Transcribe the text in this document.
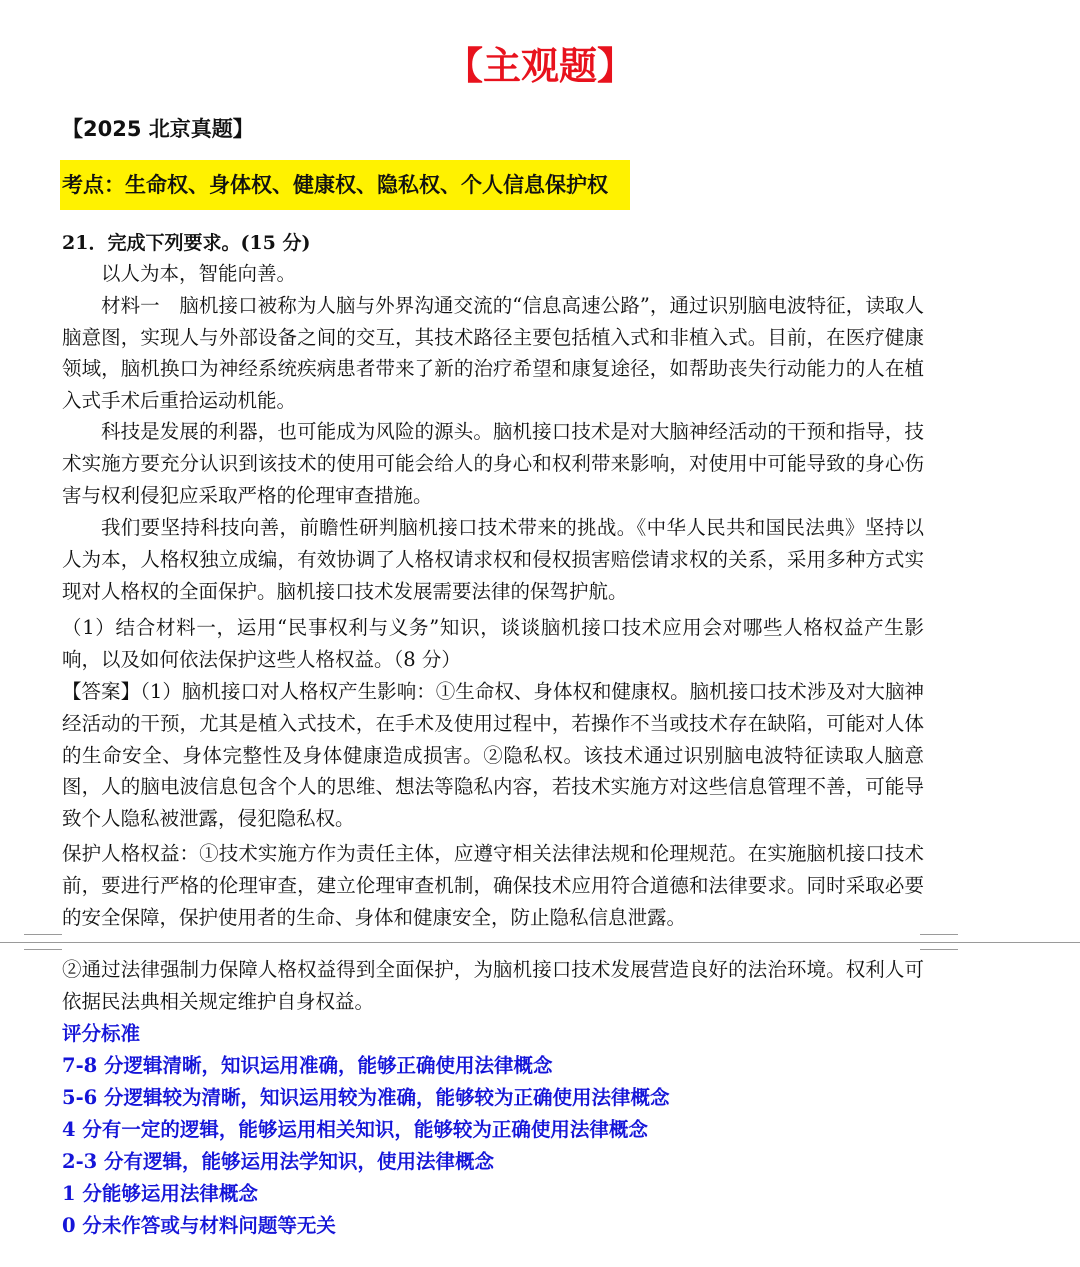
【主观题】
【2025 北京真题】
考点：生命权、身体权、健康权、隐私权、个人信息保护权
21．完成下列要求。(15 分)

以人为本，智能向善。

材料一　脑机接口被称为人脑与外界沟通交流的“信息高速公路”，通过识别脑电波特征，读取人脑意图，实现人与外部设备之间的交互，其技术路径主要包括植入式和非植入式。目前，在医疗健康领域，脑机换口为神经系统疾病患者带来了新的治疗希望和康复途径，如帮助丧失行动能力的人在植入式手术后重拾运动机能。

科技是发展的利器，也可能成为风险的源头。脑机接口技术是对大脑神经活动的干预和指导，技术实施方要充分认识到该技术的使用可能会给人的身心和权利带来影响，对使用中可能导致的身心伤害与权利侵犯应采取严格的伦理审查措施。

我们要坚持科技向善，前瞻性研判脑机接口技术带来的挑战。《中华人民共和国民法典》坚持以人为本，人格权独立成编，有效协调了人格权请求权和侵权损害赔偿请求权的关系，采用多种方式实现对人格权的全面保护。脑机接口技术发展需要法律的保驾护航。

（1）结合材料一，运用“民事权利与义务”知识，谈谈脑机接口技术应用会对哪些人格权益产生影响，以及如何依法保护这些人格权益。（8 分）

【答案】（1）脑机接口对人格权产生影响：①生命权、身体权和健康权。脑机接口技术涉及对大脑神经活动的干预，尤其是植入式技术，在手术及使用过程中，若操作不当或技术存在缺陷，可能对人体的生命安全、身体完整性及身体健康造成损害。②隐私权。该技术通过识别脑电波特征读取人脑意图，人的脑电波信息包含个人的思维、想法等隐私内容，若技术实施方对这些信息管理不善，可能导致个人隐私被泄露，侵犯隐私权。

保护人格权益：①技术实施方作为责任主体，应遵守相关法律法规和伦理规范。在实施脑机接口技术前，要进行严格的伦理审查，建立伦理审查机制，确保技术应用符合道德和法律要求。同时采取必要的安全保障，保护使用者的生命、身体和健康安全，防止隐私信息泄露。

②通过法律强制力保障人格权益得到全面保护，为脑机接口技术发展营造良好的法治环境。权利人可依据民法典相关规定维护自身权益。

评分标准
7-8 分逻辑清晰，知识运用准确，能够正确使用法律概念
5-6 分逻辑较为清晰，知识运用较为准确，能够较为正确使用法律概念
4 分有一定的逻辑，能够运用相关知识，能够较为正确使用法律概念
2-3 分有逻辑，能够运用法学知识，使用法律概念
1 分能够运用法律概念
0 分未作答或与材料问题等无关
